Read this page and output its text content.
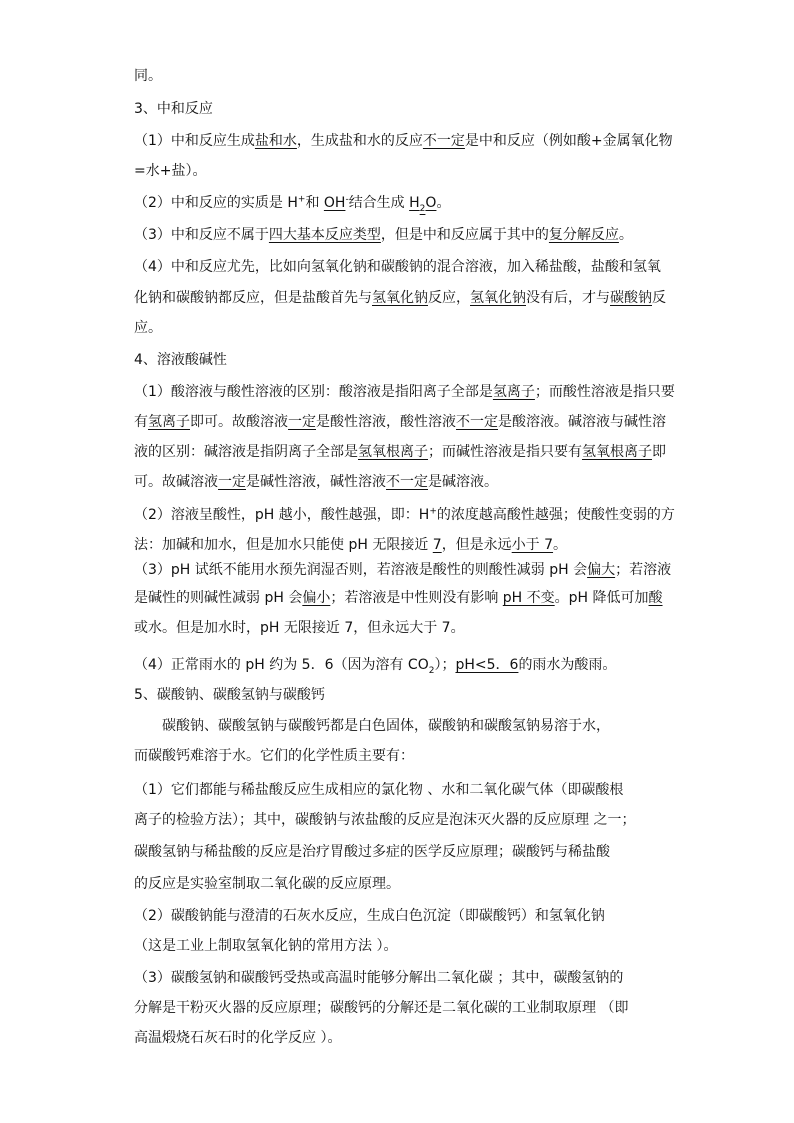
同。
3、中和反应
（1）中和反应生成盐和水，生成盐和水的反应不一定是中和反应（例如酸+金属氧化物
=水+盐）。
（2）中和反应的实质是 H+和 OH-结合生成 $H_2O$。
（3）中和反应不属于四大基本反应类型，但是中和反应属于其中的复分解反应。
（4）中和反应尤先，比如向氢氧化钠和碳酸钠的混合溶液，加入稀盐酸，盐酸和氢氧
化钠和碳酸钠都反应，但是盐酸首先与氢氧化钠反应，氢氧化钠没有后，才与碳酸钠反
应。
4、溶液酸碱性
（1）酸溶液与酸性溶液的区别：酸溶液是指阳离子全部是氢离子；而酸性溶液是指只要
有氢离子即可。故酸溶液一定是酸性溶液，酸性溶液不一定是酸溶液。碱溶液与碱性溶
液的区别：碱溶液是指阴离子全部是氢氧根离子；而碱性溶液是指只要有氢氧根离子即
可。故碱溶液一定是碱性溶液，碱性溶液不一定是碱溶液。
（2）溶液呈酸性，pH 越小，酸性越强，即：H+的浓度越高酸性越强；使酸性变弱的方
法：加碱和加水，但是加水只能使 pH 无限接近 7，但是永远小于 7。
（3）pH 试纸不能用水预先润湿否则，若溶液是酸性的则酸性减弱 pH 会偏大；若溶液
是碱性的则碱性减弱 pH 会偏小；若溶液是中性则没有影响 pH 不变。pH 降低可加酸
或水。但是加水时，pH 无限接近 7，但永远大于 7。
（4）正常雨水的 pH 约为 5．6（因为溶有 $CO_2$）；pH<5．6的雨水为酸雨。
5、碳酸钠、碳酸氢钠与碳酸钙
碳酸钠、碳酸氢钠与碳酸钙都是白色固体，碳酸钠和碳酸氢钠易溶于水，
而碳酸钙难溶于水。它们的化学性质主要有：
（1）它们都能与稀盐酸反应生成相应的氯化物 、水和二氧化碳气体（即碳酸根
离子的检验方法）；其中，碳酸钠与浓盐酸的反应是泡沫灭火器的反应原理 之一；
碳酸氢钠与稀盐酸的反应是治疗胃酸过多症的医学反应原理；碳酸钙与稀盐酸
的反应是实验室制取二氧化碳的反应原理。
（2）碳酸钠能与澄清的石灰水反应，生成白色沉淀（即碳酸钙）和氢氧化钠
（这是工业上制取氢氧化钠的常用方法 ）。
（3）碳酸氢钠和碳酸钙受热或高温时能够分解出二氧化碳 ；其中，碳酸氢钠的
分解是干粉灭火器的反应原理；碳酸钙的分解还是二氧化碳的工业制取原理 （即
高温煅烧石灰石时的化学反应 ）。
